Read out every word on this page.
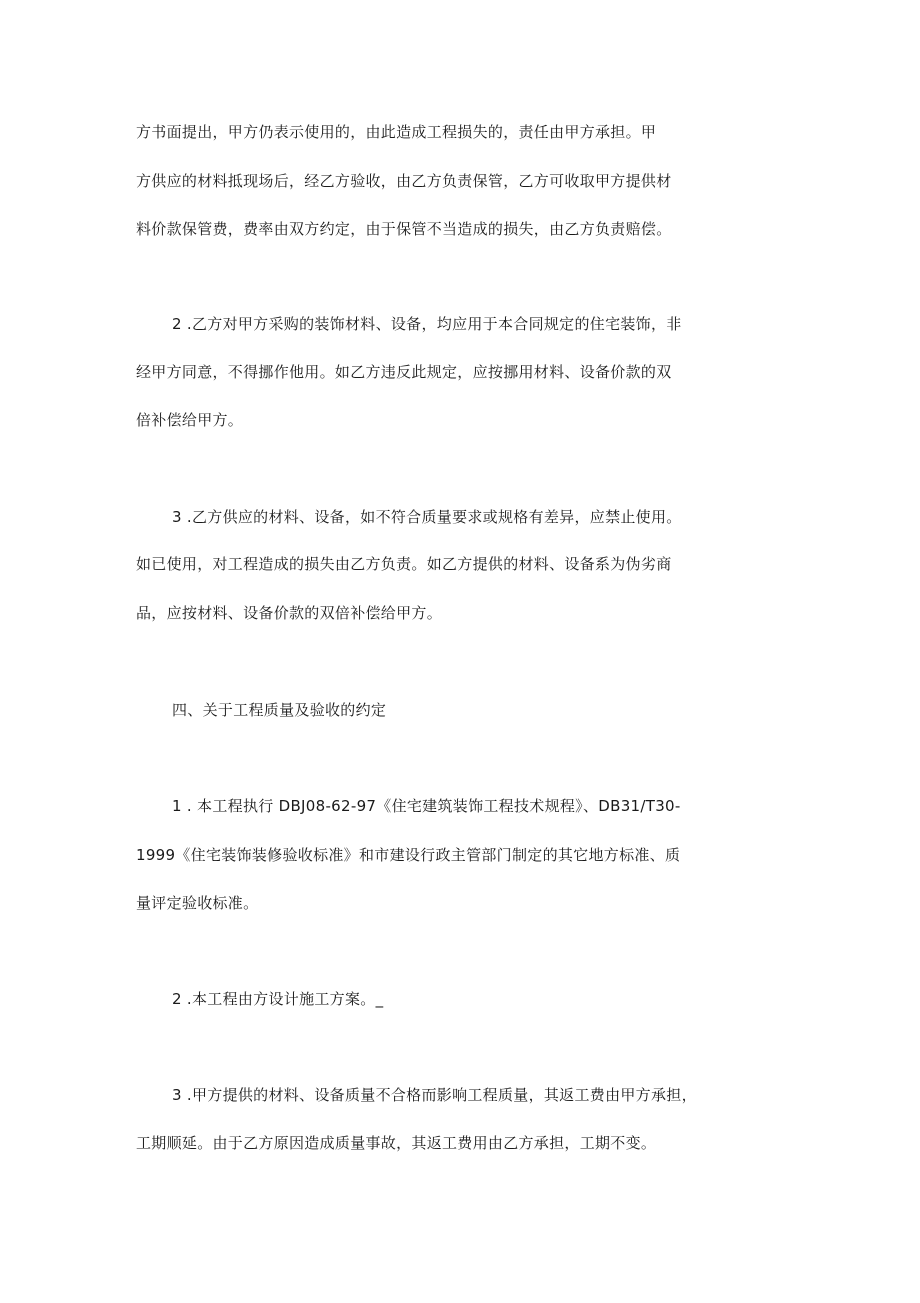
方书面提出，甲方仍表示使用的，由此造成工程损失的，责任由甲方承担。甲
方供应的材料抵现场后，经乙方验收，由乙方负责保管，乙方可收取甲方提供材
料价款保管费，费率由双方约定，由于保管不当造成的损失，由乙方负责赔偿。
2 .乙方对甲方采购的装饰材料、设备，均应用于本合同规定的住宅装饰，非
经甲方同意，不得挪作他用。如乙方违反此规定，应按挪用材料、设备价款的双
倍补偿给甲方。
3 .乙方供应的材料、设备，如不符合质量要求或规格有差异，应禁止使用。
如已使用，对工程造成的损失由乙方负责。如乙方提供的材料、设备系为伪劣商
品，应按材料、设备价款的双倍补偿给甲方。
四、关于工程质量及验收的约定
1 . 本工程执行 DBJ08-62-97《住宅建筑装饰工程技术规程》、DB31/T30-
1999《住宅装饰装修验收标准》和市建设行政主管部门制定的其它地方标准、质
量评定验收标准。
2 .本工程由方设计施工方案。_
3 .甲方提供的材料、设备质量不合格而影响工程质量，其返工费由甲方承担，
工期顺延。由于乙方原因造成质量事故，其返工费用由乙方承担，工期不变。
